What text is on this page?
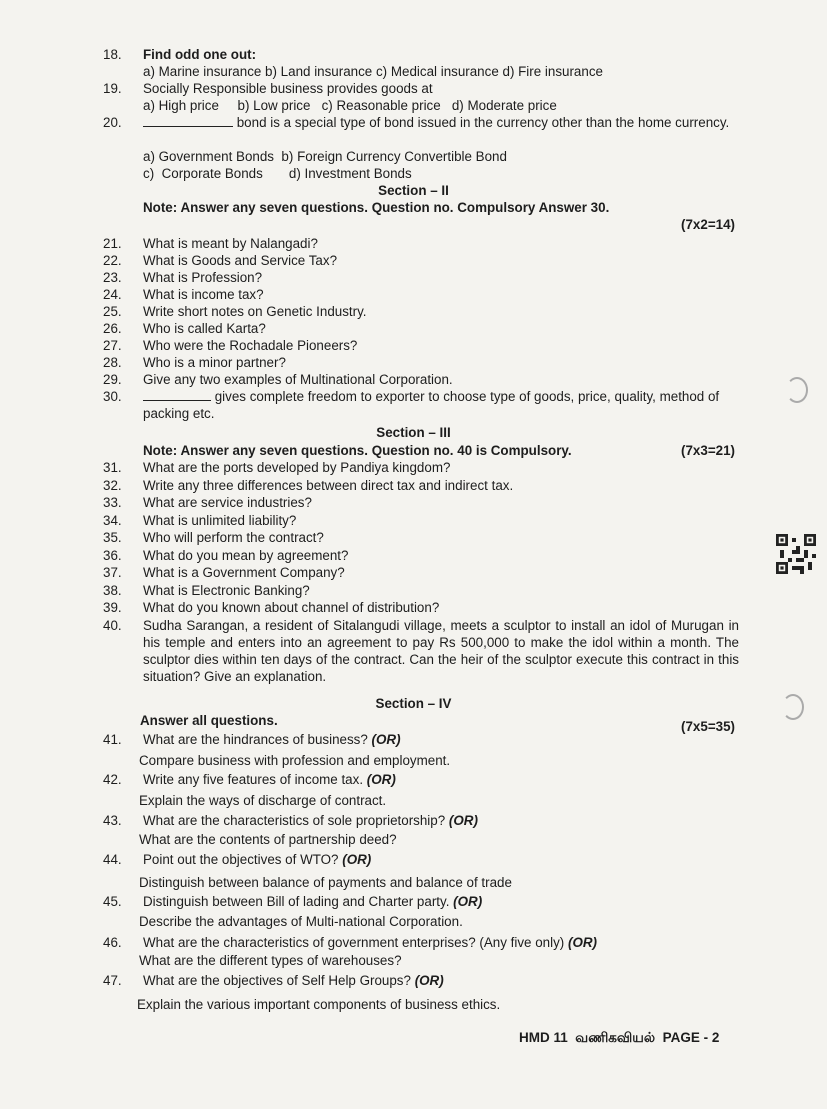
18.	Find odd one out:
a) Marine insurance b) Land insurance c) Medical insurance d) Fire insurance
19.	Socially Responsible business provides goods at
a) High price     b) Low price   c) Reasonable price   d) Moderate price
20.	bond is a special type of bond issued in the currency other than the home currency.
a) Government Bonds  b) Foreign Currency Convertible Bond
c)  Corporate Bonds       d) Investment Bonds
Section – II
Note: Answer any seven questions. Question no. Compulsory Answer 30.
(7x2=14)
21.	What is meant by Nalangadi?
22.	What is Goods and Service Tax?
23.	What is Profession?
24.	What is income tax?
25.	Write short notes on Genetic Industry.
26.	Who is called Karta?
27.	Who were the Rochadale Pioneers?
28.	Who is a minor partner?
29.	Give any two examples of Multinational Corporation.
30.	gives complete freedom to exporter to choose type of goods, price, quality, method of packing etc.
Section – III
Note: Answer any seven questions. Question no. 40 is Compulsory.	(7x3=21)
31.	What are the ports developed by Pandiya kingdom?
32.	Write any three differences between direct tax and indirect tax.
33.	What are service industries?
34.	What is unlimited liability?
35.	Who will perform the contract?
36.	What do you mean by agreement?
37.	What is a Government Company?
38.	What is Electronic Banking?
39.	What do you known about channel of distribution?
40.	Sudha Sarangan, a resident of Sitalangudi village, meets a sculptor to install an idol of Murugan in his temple and enters into an agreement to pay Rs 500,000 to make the idol within a month. The sculptor dies within ten days of the contract. Can the heir of the sculptor execute this contract in this situation? Give an explanation.
Section – IV
Answer all questions.	(7x5=35)
41.	What are the hindrances of business? (OR)
Compare business with profession and employment.
42.	Write any five features of income tax. (OR)
Explain the ways of discharge of contract.
43.	What are the characteristics of sole proprietorship? (OR)
What are the contents of partnership deed?
44.	Point out the objectives of WTO? (OR)
Distinguish between balance of payments and balance of trade
45.	Distinguish between Bill of lading and Charter party. (OR)
Describe the advantages of Multi-national Corporation.
46.	What are the characteristics of government enterprises? (Any five only) (OR)
What are the different types of warehouses?
47.	What are the objectives of Self Help Groups? (OR)
Explain the various important components of business ethics.
HMD 11 வணிகவியல் PAGE - 2
